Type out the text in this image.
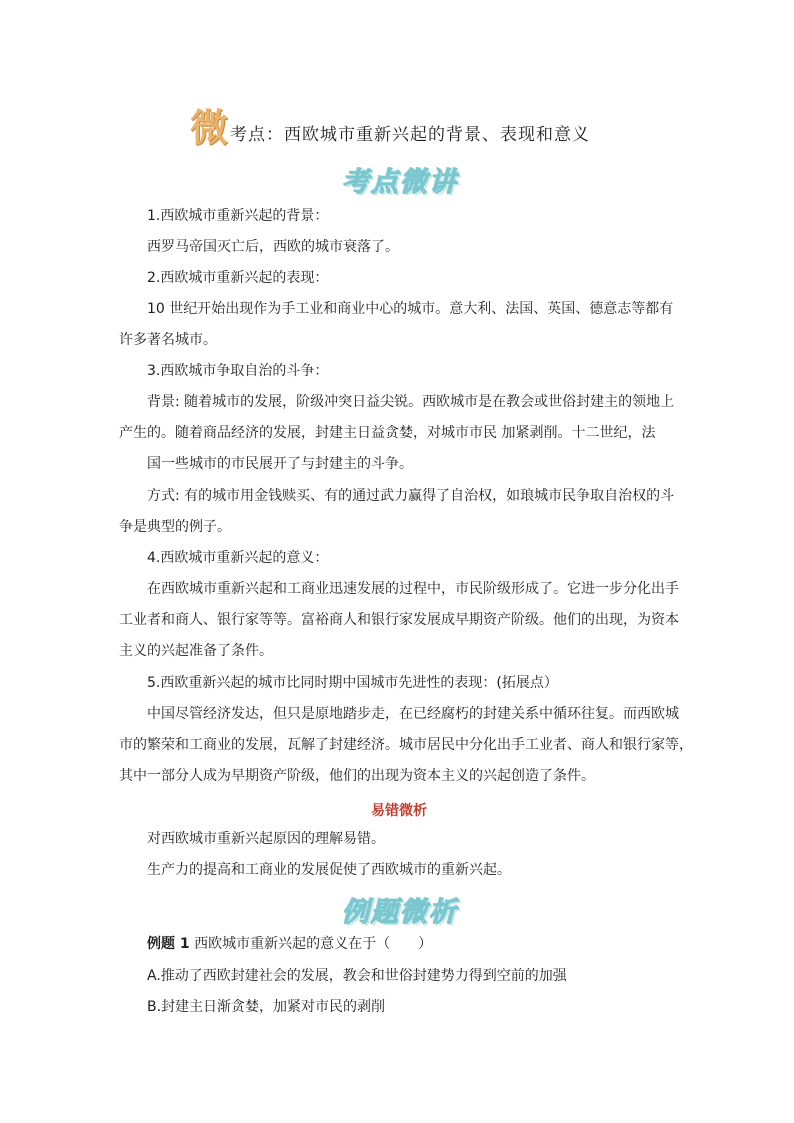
微 考点：西欧城市重新兴起的背景、表现和意义
考点微讲
1.西欧城市重新兴起的背景：
西罗马帝国灭亡后，西欧的城市衰落了。
2.西欧城市重新兴起的表现：
10 世纪开始出现作为手工业和商业中心的城市。意大利、法国、英国、德意志等都有
许多著名城市。
3.西欧城市争取自治的斗争：
背景: 随着城市的发展，阶级冲突日益尖锐。西欧城市是在教会或世俗封建主的领地上
产生的。随着商品经济的发展，封建主日益贪婪，对城市市民 加紧剥削。十二世纪，法
国一些城市的市民展开了与封建主的斗争。
方式: 有的城市用金钱赎买、有的通过武力赢得了自治权，如琅城市民争取自治权的斗
争是典型的例子。
4.西欧城市重新兴起的意义：
在西欧城市重新兴起和工商业迅速发展的过程中，市民阶级形成了。它进一步分化出手
工业者和商人、银行家等等。富裕商人和银行家发展成早期资产阶级。他们的出现，为资本
主义的兴起准备了条件。
5.西欧重新兴起的城市比同时期中国城市先进性的表现：(拓展点）
中国尽管经济发达，但只是原地踏步走，在已经腐朽的封建关系中循环往复。而西欧城
市的繁荣和工商业的发展，瓦解了封建经济。城市居民中分化出手工业者、商人和银行家等，
其中一部分人成为早期资产阶级，他们的出现为资本主义的兴起创造了条件。
易错微析
对西欧城市重新兴起原因的理解易错。
生产力的提高和工商业的发展促使了西欧城市的重新兴起。
例题微析
例题 1 西欧城市重新兴起的意义在于（　　）
A.推动了西欧封建社会的发展，教会和世俗封建势力得到空前的加强
B.封建主日渐贪婪，加紧对市民的剥削
